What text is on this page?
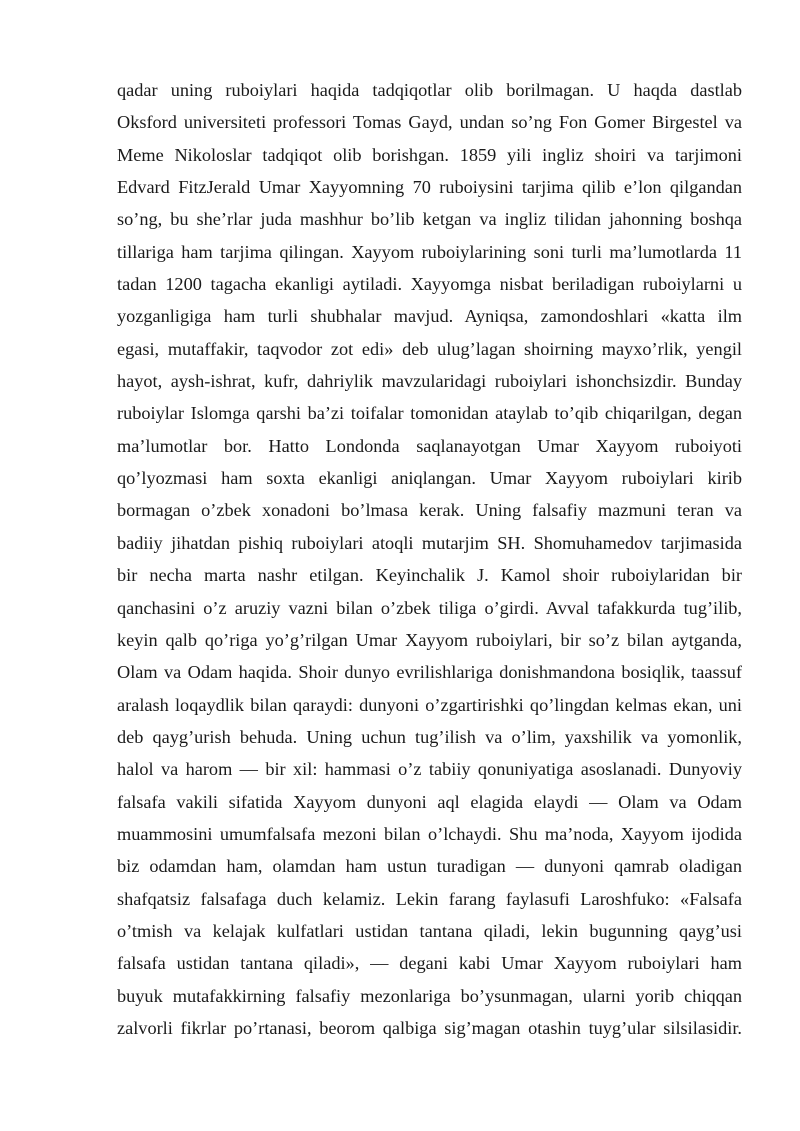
qadar uning ruboiylari haqida tadqiqotlar olib borilmagan. U haqda dastlab
Oksford universiteti professori Tomas Gayd, undan so’ng Fon Gomer Birgestel va
Meme Nikoloslar tadqiqot olib borishgan. 1859 yili ingliz shoiri va tarjimoni
Edvard FitzJerald Umar Xayyomning 70 ruboiysini tarjima qilib e’lon qilgandan
so’ng, bu she’rlar juda mashhur bo’lib ketgan va ingliz tilidan jahonning boshqa
tillariga ham tarjima qilingan. Xayyom ruboiylarining soni turli ma’lumotlarda 11
tadan 1200 tagacha ekanligi aytiladi. Xayyomga nisbat beriladigan ruboiylarni u
yozganligiga ham turli shubhalar mavjud. Ayniqsa, zamondoshlari «katta ilm
egasi, mutaffakir, taqvodor zot edi» deb ulug’lagan shoirning mayxo’rlik, yengil
hayot, aysh-ishrat, kufr, dahriylik mavzularidagi ruboiylari ishonchsizdir. Bunday
ruboiylar Islomga qarshi ba’zi toifalar tomonidan ataylab to’qib chiqarilgan, degan
ma’lumotlar bor. Hatto Londonda saqlanayotgan Umar Xayyom ruboiyoti
qo’lyozmasi ham soxta ekanligi aniqlangan. Umar Xayyom ruboiylari kirib
bormagan o’zbek xonadoni bo’lmasa kerak. Uning falsafiy mazmuni teran va
badiiy jihatdan pishiq ruboiylari atoqli mutarjim SH. Shomuhamedov tarjimasida
bir necha marta nashr etilgan. Keyinchalik J. Kamol shoir ruboiylaridan bir
qanchasini o’z aruziy vazni bilan o’zbek tiliga o’girdi. Avval tafakkurda tug’ilib,
keyin qalb qo’riga yo’g’rilgan Umar Xayyom ruboiylari, bir so’z bilan aytganda,
Olam va Odam haqida. Shoir dunyo evrilishlariga donishmandona bosiqlik, taassuf
aralash loqaydlik bilan qaraydi: dunyoni o’zgartirishki qo’lingdan kelmas ekan, uni
deb qayg’urish behuda. Uning uchun tug’ilish va o’lim, yaxshilik va yomonlik,
halol va harom — bir xil: hammasi o’z tabiiy qonuniyatiga asoslanadi. Dunyoviy
falsafa vakili sifatida Xayyom dunyoni aql elagida elaydi — Olam va Odam
muammosini umumfalsafa mezoni bilan o’lchaydi. Shu ma’noda, Xayyom ijodida
biz odamdan ham, olamdan ham ustun turadigan — dunyoni qamrab oladigan
shafqatsiz falsafaga duch kelamiz. Lekin farang faylasufi Laroshfuko: «Falsafa
o’tmish va kelajak kulfatlari ustidan tantana qiladi, lekin bugunning qayg’usi
falsafa ustidan tantana qiladi», — degani kabi Umar Xayyom ruboiylari ham
buyuk mutafakkirning falsafiy mezonlariga bo’ysunmagan, ularni yorib chiqqan
zalvorli fikrlar po’rtanasi, beorom qalbiga sig’magan otashin tuyg’ular silsilasidir.
